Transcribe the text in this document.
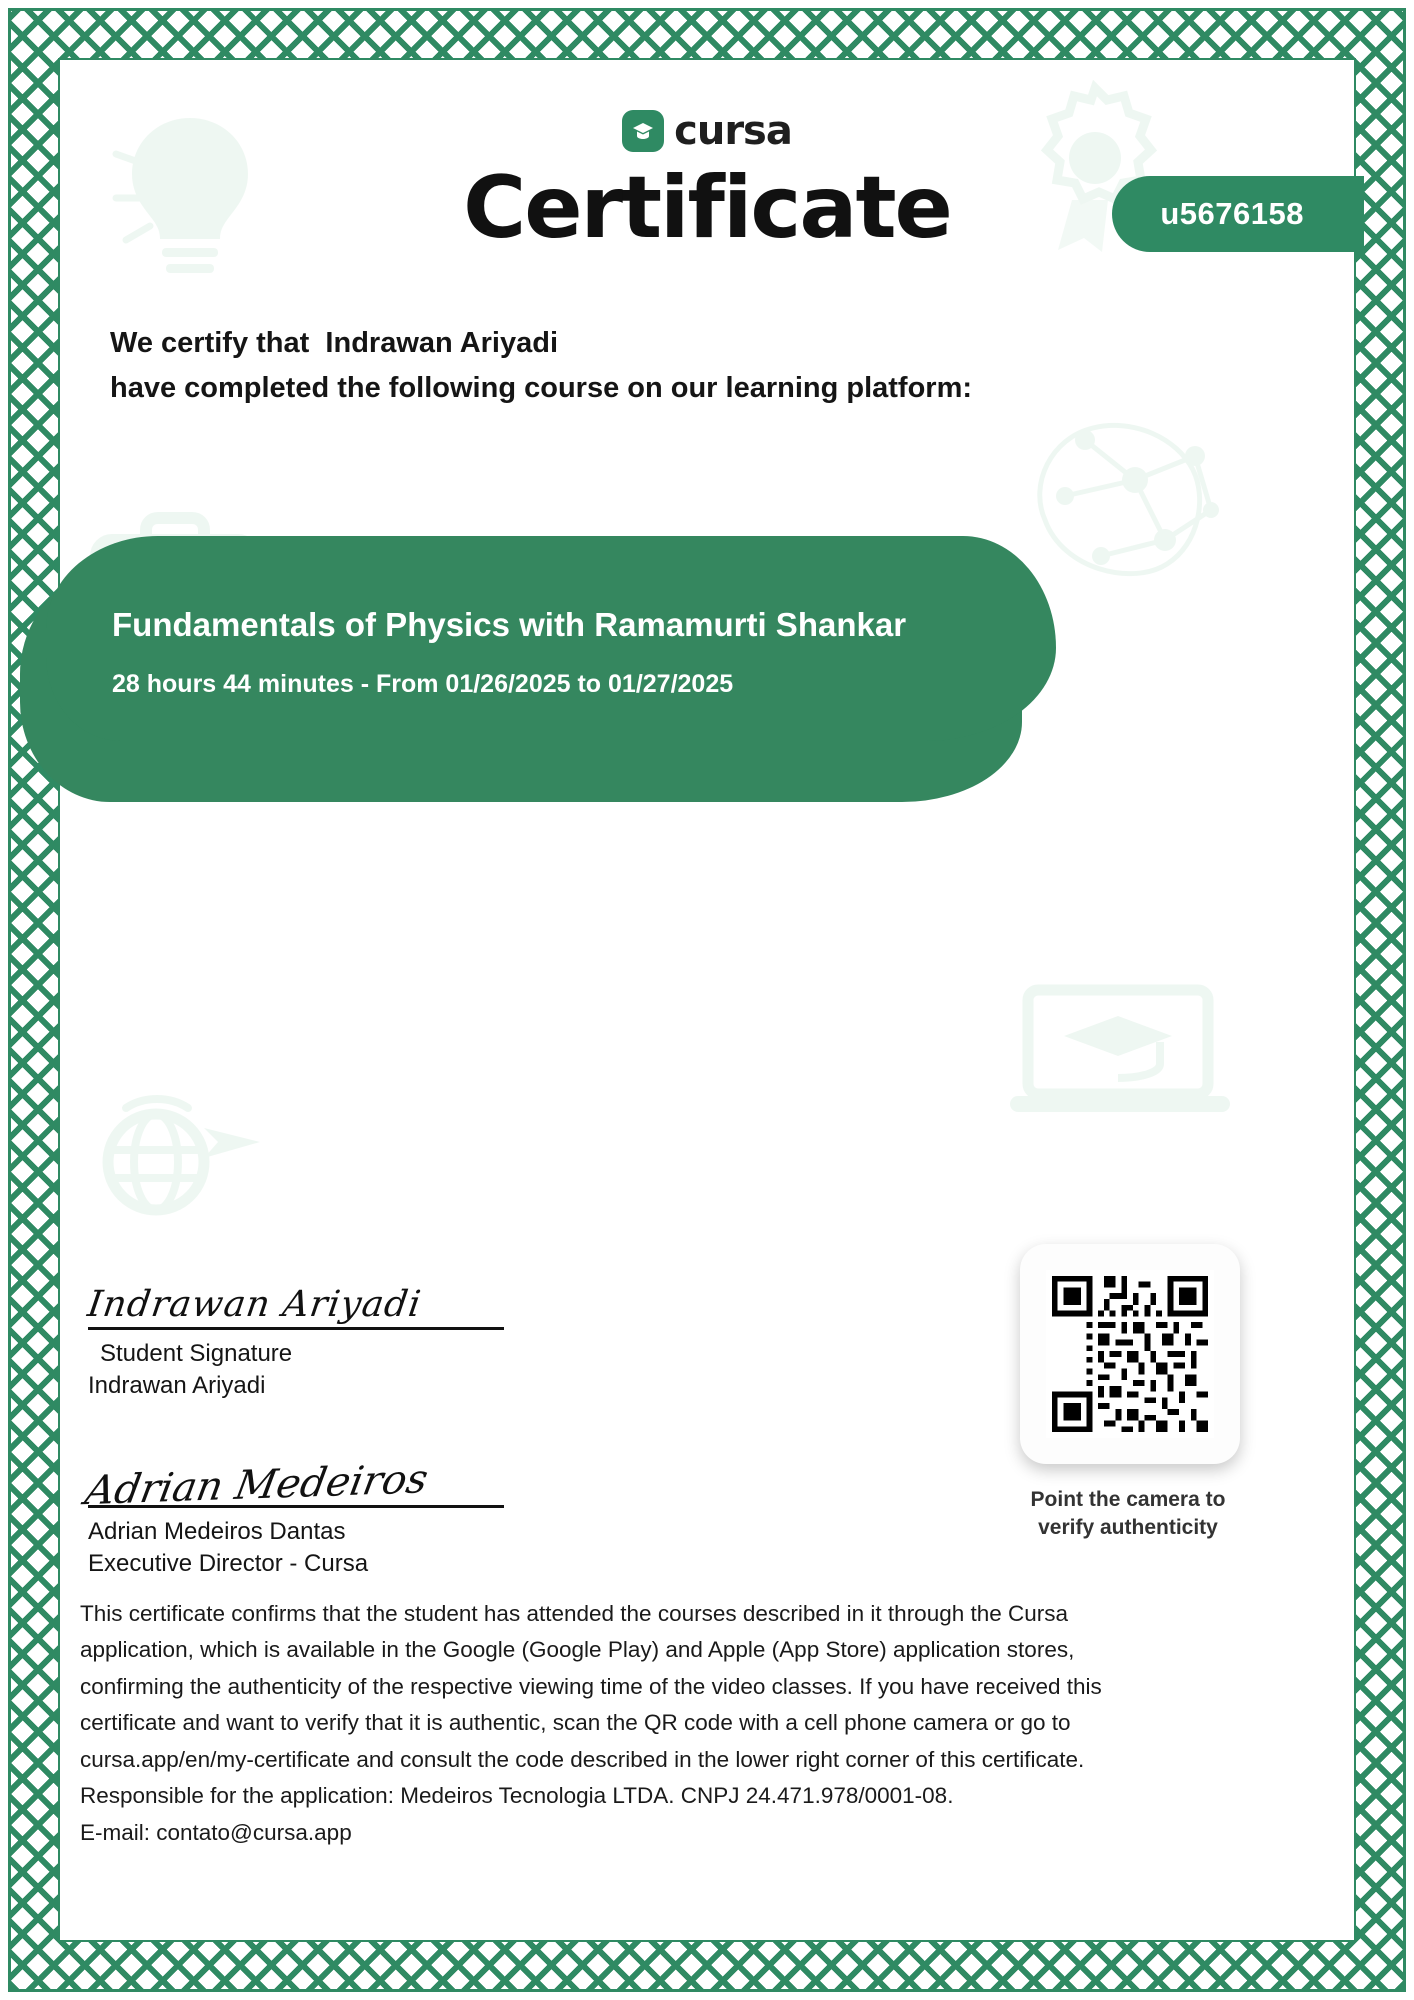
cursa
Certificate	u5676158
We certify that Indrawan Ariyadi
have completed the following course on our learning platform:
Fundamentals of Physics with Ramamurti Shankar
28 hours 44 minutes - From 01/26/2025 to 01/27/2025
Indrawan Ariyadi
Student Signature
Indrawan Ariyadi
Adrian Medeiros
Adrian Medeiros Dantas
Executive Director - Cursa
Point the camera to
verify authenticity

This certificate confirms that the student has attended the courses described in it through the Cursa

application, which is available in the Google (Google Play) and Apple (App Store) application stores,

confirming the authenticity of the respective viewing time of the video classes. If you have received this

certificate and want to verify that it is authentic, scan the QR code with a cell phone camera or go to

cursa.app/en/my-certificate and consult the code described in the lower right corner of this certificate.

Responsible for the application: Medeiros Tecnologia LTDA. CNPJ 24.471.978/0001-08.

E-mail: contato@cursa.app
